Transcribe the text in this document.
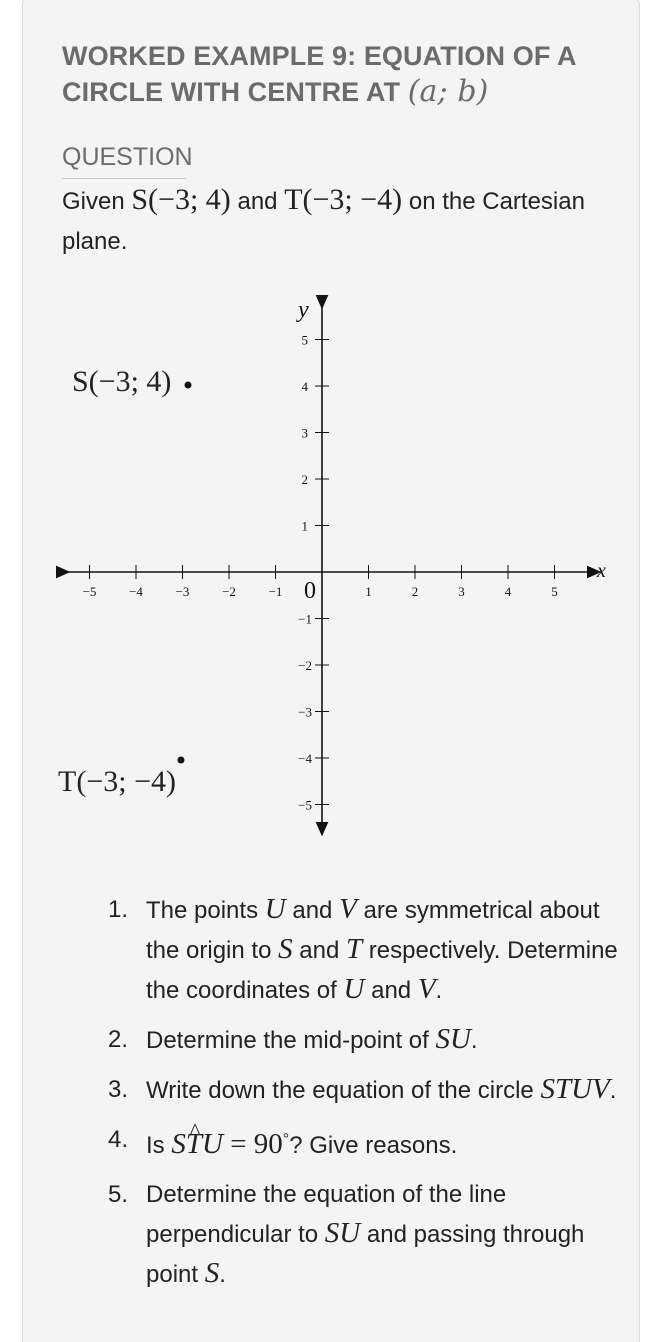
WORKED EXAMPLE 9: EQUATION OF A
CIRCLE WITH CENTRE AT (a; b)
QUESTION
Given S(−3; 4) and T(−3; −4) on the Cartesian plane.
−5	−4	−3	−2	−1	1	2	3	4	5
1
2
3
4
5
−1
−2
−3
−4
−5
y
x
0
S(−3; 4)
T(−3; −4)
1. The points U and V are symmetrical about the origin to S and T respectively. Determine the coordinates of U and V.
2. Determine the mid-point of SU.
3. Write down the equation of the circle STUV.
4. Is S^ TU = 90°? Give reasons.
5. Determine the equation of the line perpendicular to SU and passing through point S.
